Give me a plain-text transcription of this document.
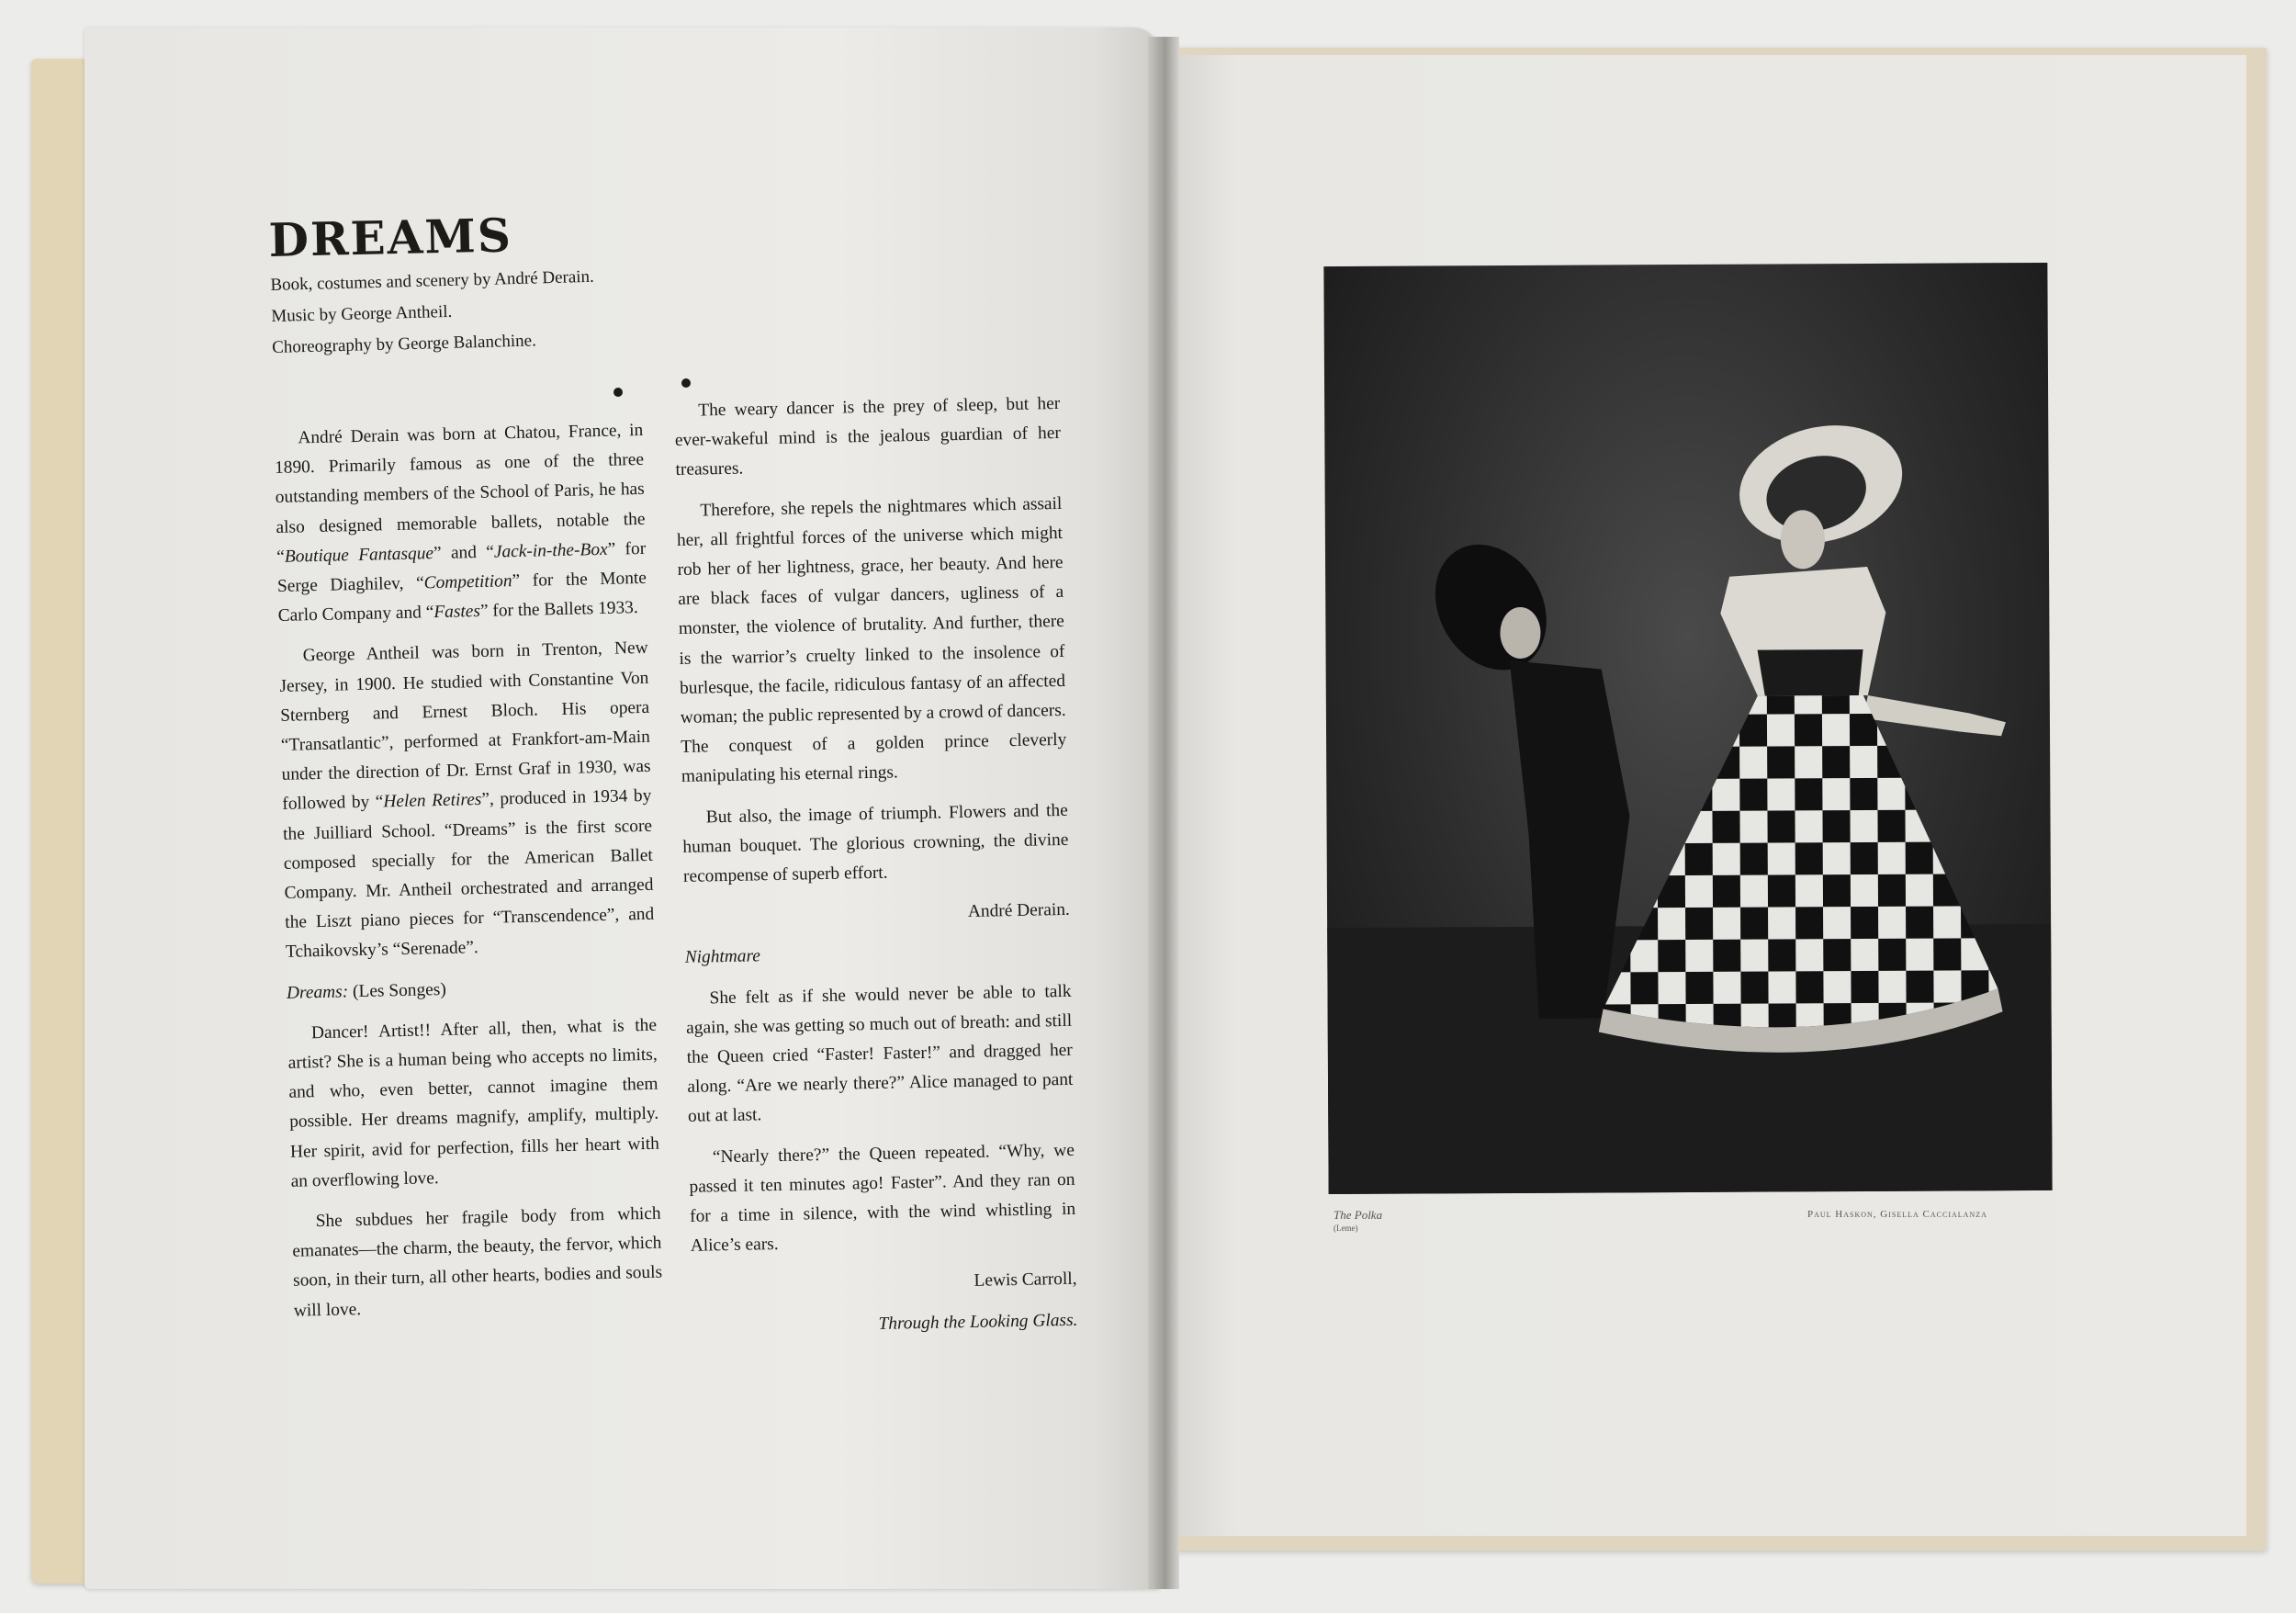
DREAMS
Book, costumes and scenery by André Derain.
Music by George Antheil.
Choreography by George Balanchine.

André Derain was born at Chatou, France, in 1890. Primarily famous as one of the three outstanding members of the School of Paris, he has also designed memorable ballets, notable the “Boutique Fantasque” and “Jack-in-the-Box” for Serge Diaghilev, “Competition” for the Monte Carlo Company and “Fastes” for the Ballets 1933.

George Antheil was born in Trenton, New Jersey, in 1900. He studied with Constantine Von Sternberg and Ernest Bloch. His opera “Transatlantic”, performed at Frankfort-am-Main under the direction of Dr. Ernst Graf in 1930, was followed by “Helen Retires”, produced in 1934 by the Juilliard School. “Dreams” is the first score composed specially for the American Ballet Company. Mr. Antheil orchestrated and arranged the Liszt piano pieces for “Transcendence”, and Tchaikovsky’s “Serenade”.

Dreams: (Les Songes)

Dancer! Artist!! After all, then, what is the artist? She is a human being who accepts no limits, and who, even better, cannot imagine them possible. Her dreams magnify, amplify, multiply. Her spirit, avid for perfection, fills her heart with an overflowing love.

She subdues her fragile body from which emanates—the charm, the beauty, the fervor, which soon, in their turn, all other hearts, bodies and souls will love.

The weary dancer is the prey of sleep, but her ever-wakeful mind is the jealous guardian of her treasures.

Therefore, she repels the nightmares which assail her, all frightful forces of the universe which might rob her of her lightness, grace, her beauty. And here are black faces of vulgar dancers, ugliness of a monster, the violence of brutality. And further, there is the warrior’s cruelty linked to the insolence of burlesque, the facile, ridiculous fantasy of an affected woman; the public represented by a crowd of dancers. The conquest of a golden prince cleverly manipulating his eternal rings.

But also, the image of triumph. Flowers and the human bouquet. The glorious crowning, the divine recompense of superb effort.

André Derain.

Nightmare

She felt as if she would never be able to talk again, she was getting so much out of breath: and still the Queen cried “Faster! Faster!” and dragged her along. “Are we nearly there?” Alice managed to pant out at last.

“Nearly there?” the Queen repeated. “Why, we passed it ten minutes ago! Faster”. And they ran on for a time in silence, with the wind whistling in Alice’s ears.

Lewis Carroll,

Through the Looking Glass.

The Polka
(Leme)
Paul Haskon, Gisella Caccialanza
